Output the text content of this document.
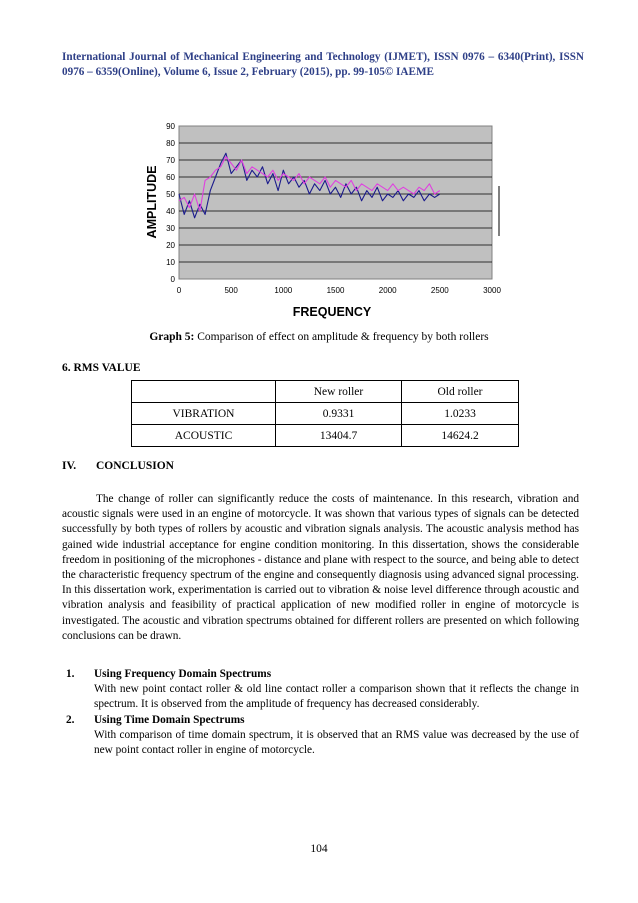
International Journal of Mechanical Engineering and Technology (IJMET), ISSN 0976 – 6340(Print), ISSN 0976 – 6359(Online), Volume 6, Issue 2, February (2015), pp. 99-105© IAEME
0
10
20
30
40
50
60
70
80
90
0	500	1000	1500	2000	2500	3000
AMPLITUDE
FREQUENCY
Graph 5: Comparison of effect on amplitude & frequency by both rollers
6. RMS VALUE
	New roller	Old roller
VIBRATION	0.9331	1.0233
ACOUSTIC	13404.7	14624.2
IV. CONCLUSION

The change of roller can significantly reduce the costs of maintenance. In this research, vibration and acoustic signals were used in an engine of motorcycle. It was shown that various types of signals can be detected successfully by both types of rollers by acoustic and vibration signals analysis. The acoustic analysis method has gained wide industrial acceptance for engine condition monitoring. In this dissertation, shows the considerable freedom in positioning of the microphones - distance and plane with respect to the source, and being able to detect the characteristic frequency spectrum of the engine and consequently diagnosis using advanced signal processing. In this dissertation work, experimentation is carried out to vibration & noise level difference through acoustic and vibration analysis and feasibility of practical application of new modified roller in engine of motorcycle is investigated. The acoustic and vibration spectrums obtained for different rollers are presented on which following conclusions can be drawn.

1. Using Frequency Domain Spectrums
With new point contact roller & old line contact roller a comparison shown that it reflects the change in spectrum. It is observed from the amplitude of frequency has decreased considerably.
2. Using Time Domain Spectrums
With comparison of time domain spectrum, it is observed that an RMS value was decreased by the use of new point contact roller in engine of motorcycle.
104
